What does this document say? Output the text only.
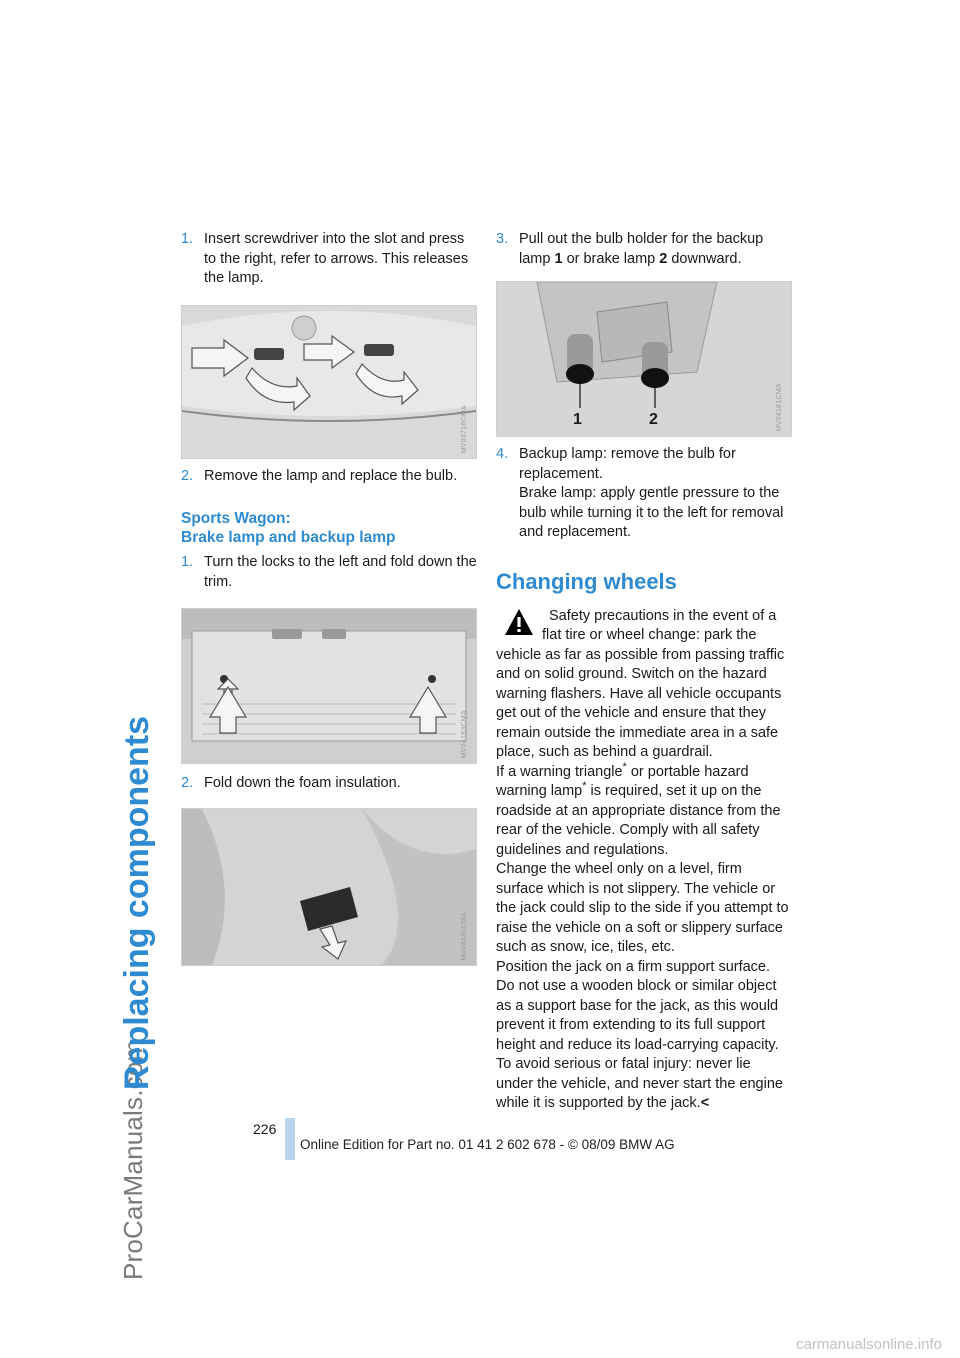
ProCarManuals.com
Replacing components

1. Insert screwdriver into the slot and press to the right, refer to arrows. This releases the lamp.

MV03716CMA

2. Remove the lamp and replace the bulb.

Sports Wagon:
Brake lamp and backup lamp

1. Turn the locks to the left and fold down the trim.

MV04183CMA

2. Fold down the foam insulation.

MV04180CMA

3. Pull out the bulb holder for the backup lamp 1 or brake lamp 2 downward.

1	2	MV04181CMA
4. Backup lamp: remove the bulb for replacement.
Brake lamp: apply gentle pressure to the bulb while turning it to the left for removal and replacement.
Changing wheels

Safety precautions in the event of a flat tire or wheel change: park the vehicle as far as possible from passing traffic and on solid ground. Switch on the hazard warning flashers. Have all vehicle occupants get out of the vehicle and ensure that they remain outside the immediate area in a safe place, such as behind a guardrail.

If a warning triangle* or portable hazard warning lamp* is required, set it up on the roadside at an appropriate distance from the rear of the vehicle. Comply with all safety guidelines and regulations.

Change the wheel only on a level, firm surface which is not slippery. The vehicle or the jack could slip to the side if you attempt to raise the vehicle on a soft or slippery surface such as snow, ice, tiles, etc.

Position the jack on a firm support surface.

Do not use a wooden block or similar object as a support base for the jack, as this would prevent it from extending to its full support height and reduce its load-carrying capacity.

To avoid serious or fatal injury: never lie under the vehicle, and never start the engine while it is supported by the jack.<

226
Online Edition for Part no. 01 41 2 602 678 - © 08/09 BMW AG
carmanualsonline.info
